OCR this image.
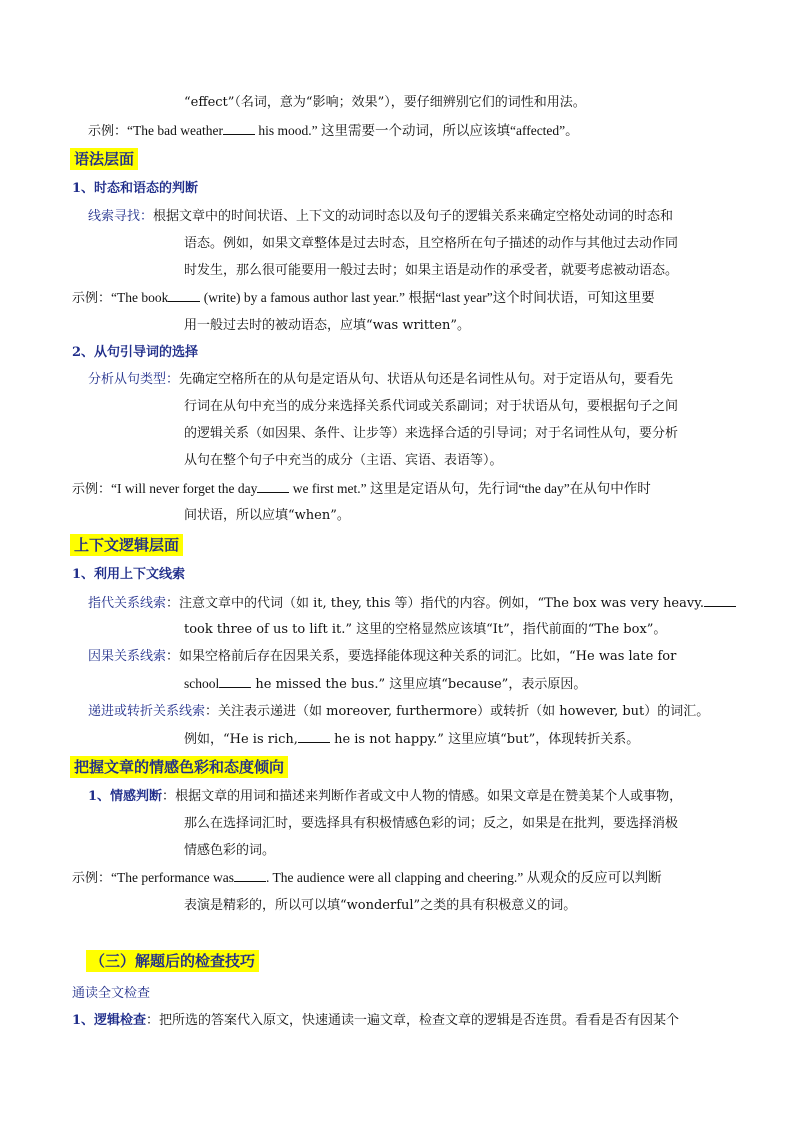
“effect”（名词，意为“影响；效果”），要仔细辨别它们的词性和用法。
示例：“The bad weather his mood.” 这里需要一个动词，所以应该填“affected”。
语法层面
1、时态和语态的判断
线索寻找：根据文章中的时间状语、上下文的动词时态以及句子的逻辑关系来确定空格处动词的时态和
语态。例如，如果文章整体是过去时态，且空格所在句子描述的动作与其他过去动作同
时发生，那么很可能要用一般过去时；如果主语是动作的承受者，就要考虑被动语态。
示例：“The book (write) by a famous author last year.” 根据“last year”这个时间状语，可知这里要
用一般过去时的被动语态，应填“was written”。
2、从句引导词的选择
分析从句类型：先确定空格所在的从句是定语从句、状语从句还是名词性从句。对于定语从句，要看先
行词在从句中充当的成分来选择关系代词或关系副词；对于状语从句，要根据句子之间
的逻辑关系（如因果、条件、让步等）来选择合适的引导词；对于名词性从句，要分析
从句在整个句子中充当的成分（主语、宾语、表语等）。
示例：“I will never forget the day we first met.” 这里是定语从句，先行词“the day”在从句中作时
间状语，所以应填“when”。
上下文逻辑层面
1、利用上下文线索
指代关系线索：注意文章中的代词（如 it, they, this 等）指代的内容。例如，“The box was very heavy.
took three of us to lift it.” 这里的空格显然应该填“It”，指代前面的“The box”。
因果关系线索：如果空格前后存在因果关系，要选择能体现这种关系的词汇。比如，“He was late for
school he missed the bus.” 这里应填“because”，表示原因。
递进或转折关系线索：关注表示递进（如 moreover, furthermore）或转折（如 however, but）的词汇。
例如，“He is rich, he is not happy.” 这里应填“but”，体现转折关系。
把握文章的情感色彩和态度倾向
1、情感判断：根据文章的用词和描述来判断作者或文中人物的情感。如果文章是在赞美某个人或事物，
那么在选择词汇时，要选择具有积极情感色彩的词；反之，如果是在批判，要选择消极
情感色彩的词。
示例：“The performance was . The audience were all clapping and cheering.” 从观众的反应可以判断
表演是精彩的，所以可以填“wonderful”之类的具有积极意义的词。
（三）解题后的检查技巧
通读全文检查
1、逻辑检查：把所选的答案代入原文，快速通读一遍文章，检查文章的逻辑是否连贯。看看是否有因某个
